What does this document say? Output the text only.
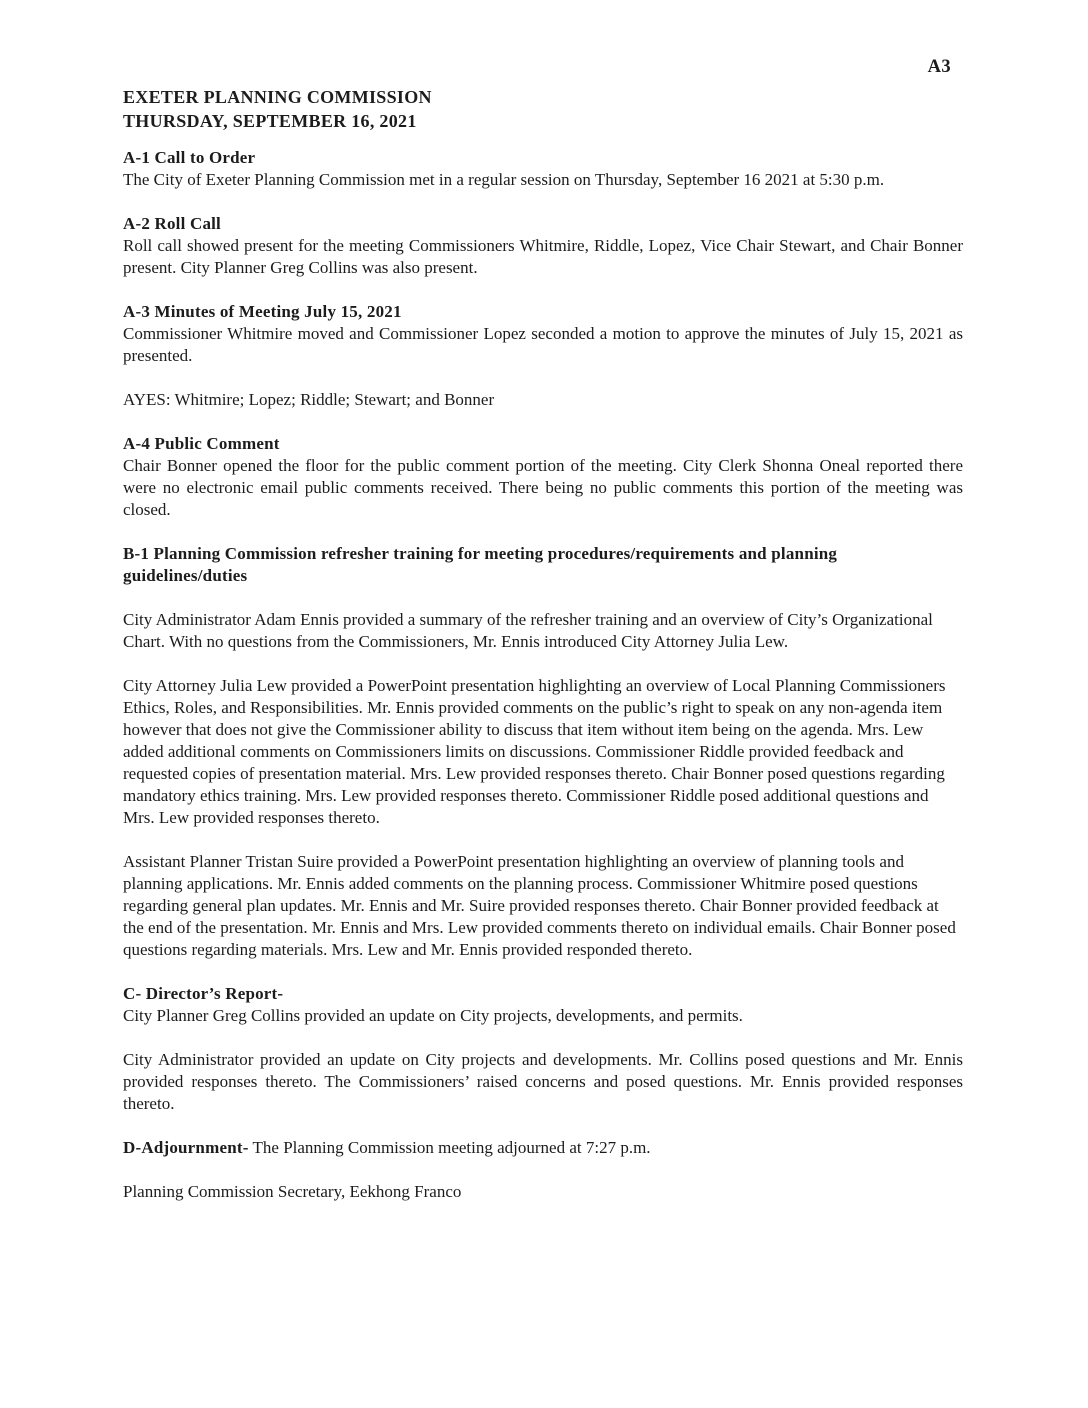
A3
EXETER PLANNING COMMISSION
THURSDAY, SEPTEMBER 16, 2021
A-1 Call to Order

The City of Exeter Planning Commission met in a regular session on Thursday, September 16 2021 at 5:30 p.m.

A-2 Roll Call

Roll call showed present for the meeting Commissioners Whitmire, Riddle, Lopez, Vice Chair Stewart, and Chair Bonner present. City Planner Greg Collins was also present.

A-3 Minutes of Meeting July 15, 2021

Commissioner Whitmire moved and Commissioner Lopez seconded a motion to approve the minutes of July 15, 2021 as presented.

AYES: Whitmire; Lopez; Riddle; Stewart; and Bonner

A-4 Public Comment

Chair Bonner opened the floor for the public comment portion of the meeting. City Clerk Shonna Oneal reported there were no electronic email public comments received. There being no public comments this portion of the meeting was closed.

B-1 Planning Commission refresher training for meeting procedures/requirements and planning guidelines/duties

City Administrator Adam Ennis provided a summary of the refresher training and an overview of City’s Organizational Chart. With no questions from the Commissioners, Mr. Ennis introduced City Attorney Julia Lew.

City Attorney Julia Lew provided a PowerPoint presentation highlighting an overview of Local Planning Commissioners Ethics, Roles, and Responsibilities. Mr. Ennis provided comments on the public’s right to speak on any non-agenda item however that does not give the Commissioner ability to discuss that item without item being on the agenda. Mrs. Lew added additional comments on Commissioners limits on discussions. Commissioner Riddle provided feedback and requested copies of presentation material. Mrs. Lew provided responses thereto. Chair Bonner posed questions regarding mandatory ethics training. Mrs. Lew provided responses thereto. Commissioner Riddle posed additional questions and Mrs. Lew provided responses thereto.

Assistant Planner Tristan Suire provided a PowerPoint presentation highlighting an overview of planning tools and planning applications. Mr. Ennis added comments on the planning process. Commissioner Whitmire posed questions regarding general plan updates. Mr. Ennis and Mr. Suire provided responses thereto. Chair Bonner provided feedback at the end of the presentation. Mr. Ennis and Mrs. Lew provided comments thereto on individual emails. Chair Bonner posed questions regarding materials. Mrs. Lew and Mr. Ennis provided responded thereto.

C- Director’s Report-

City Planner Greg Collins provided an update on City projects, developments, and permits.

City Administrator provided an update on City projects and developments. Mr. Collins posed questions and Mr. Ennis provided responses thereto. The Commissioners’ raised concerns and posed questions. Mr. Ennis provided responses thereto.

D-Adjournment- The Planning Commission meeting adjourned at 7:27 p.m.

Planning Commission Secretary, Eekhong Franco
